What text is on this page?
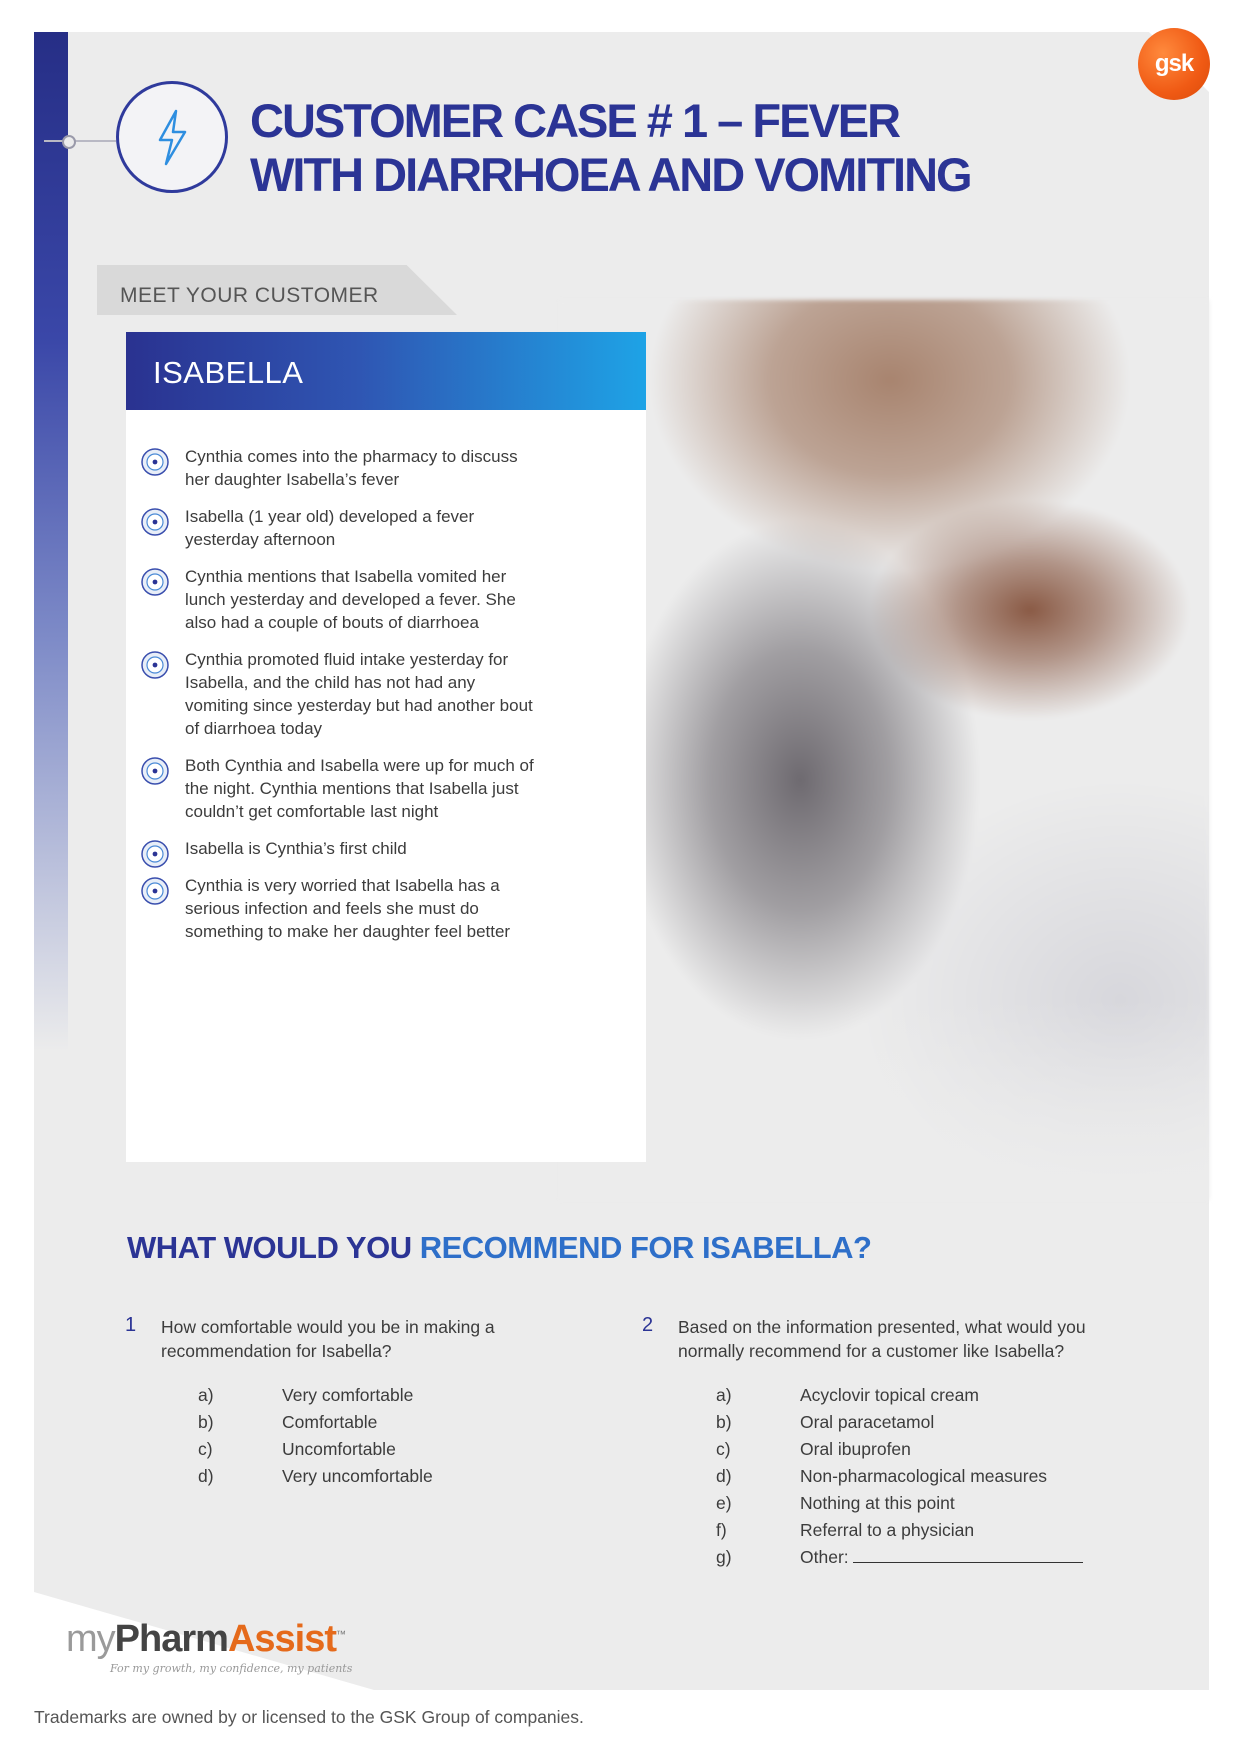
gsk
CUSTOMER CASE # 1 – FEVER
WITH DIARRHOEA AND VOMITING

MEET YOUR CUSTOMER

ISABELLA

Cynthia comes into the pharmacy to discuss
her daughter Isabella’s fever
Isabella (1 year old) developed a fever
yesterday afternoon
Cynthia mentions that Isabella vomited her
lunch yesterday and developed a fever. She
also had a couple of bouts of diarrhoea
Cynthia promoted fluid intake yesterday for
Isabella, and the child has not had any
vomiting since yesterday but had another bout
of diarrhoea today
Both Cynthia and Isabella were up for much of
the night. Cynthia mentions that Isabella just
couldn’t get comfortable last night
Isabella is Cynthia’s first child
Cynthia is very worried that Isabella has a
serious infection and feels she must do
something to make her daughter feel better
WHAT WOULD YOU RECOMMEND FOR ISABELLA?
1 How comfortable would you be in making a
recommendation for Isabella?

a)	Very comfortable
b)	Comfortable
c)	Uncomfortable
d)	Very uncomfortable
2 Based on the information presented, what would you
normally recommend for a customer like Isabella?

a)	Acyclovir topical cream
b)	Oral paracetamol
c)	Oral ibuprofen
d)	Non-pharmacological measures
e)	Nothing at this point
f)	Referral to a physician
g)	Other:

myPharmAssist™

For my growth, my confidence, my patients

Trademarks are owned by or licensed to the GSK Group of companies.
